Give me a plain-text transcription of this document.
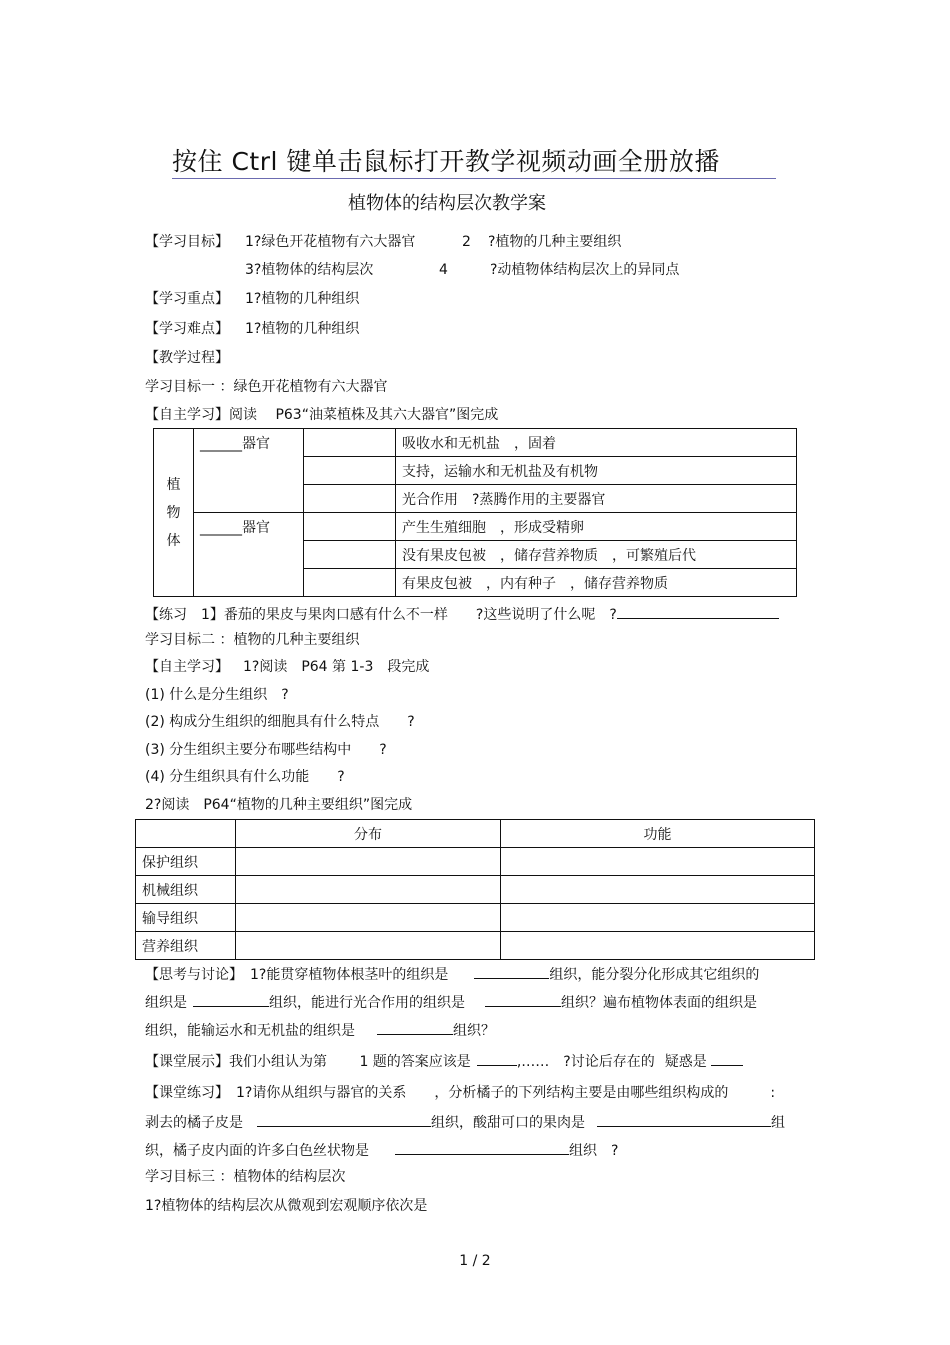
按住 Ctrl 键单击鼠标打开教学视频动画全册放播
植物体的结构层次教学案
【学习目标】 1?绿色开花植物有六大器官	2 ?植物的几种主要组织
3?植物体的结构层次	4	?动植物体结构层次上的异同点
【学习重点】 1?植物的几种组织
【学习难点】 1?植物的几种组织
【教学过程】
学习目标一 ：绿色开花植物有六大器官
【自主学习】阅读　 P63“油菜植株及其六大器官”图完成
植
物
体	______器官		吸收水和无机盐　，固着
			支持，运输水和无机盐及有机物
			光合作用　?蒸腾作用的主要器官
	______器官		产生生殖细胞　，形成受精卵
			没有果皮包被　，储存营养物质　，可繁殖后代
			有果皮包被　，内有种子　，储存营养物质
【练习　1】番茄的果皮与果肉口感有什么不一样　　?这些说明了什么呢　?
学习目标二 ：植物的几种主要组织
【自主学习】 1?阅读　P64 第 1-3　段完成
(1) 什么是分生组织　?
(2) 构成分生组织的细胞具有什么特点　　?
(3) 分生组织主要分布哪些结构中　　?
(4) 分生组织具有什么功能　　?
2?阅读　P64“植物的几种主要组织”图完成
	分布	功能
保护组织		
机械组织		
输导组织		
营养组织		
【思考与讨论】　1?能贯穿植物体根茎叶的组织是	组织，能分裂分化形成其它组织的
组织是	组织，能进行光合作用的组织是	组织？遍布植物体表面的组织是
组织，能输运水和无机盐的组织是	组织？
【课堂展示】我们小组认为第　　 1 题的答案应该是	,……　?讨论后存在的 疑惑是
【课堂练习】　1?请你从组织与器官的关系　　，分析橘子的下列结构主要是由哪些组织构成的　　　:
剥去的橘子皮是	组织，酸甜可口的果肉是	组
织，橘子皮内面的许多白色丝状物是	组织　?
学习目标三 ：植物体的结构层次
1?植物体的结构层次从微观到宏观顺序依次是
1 / 2
